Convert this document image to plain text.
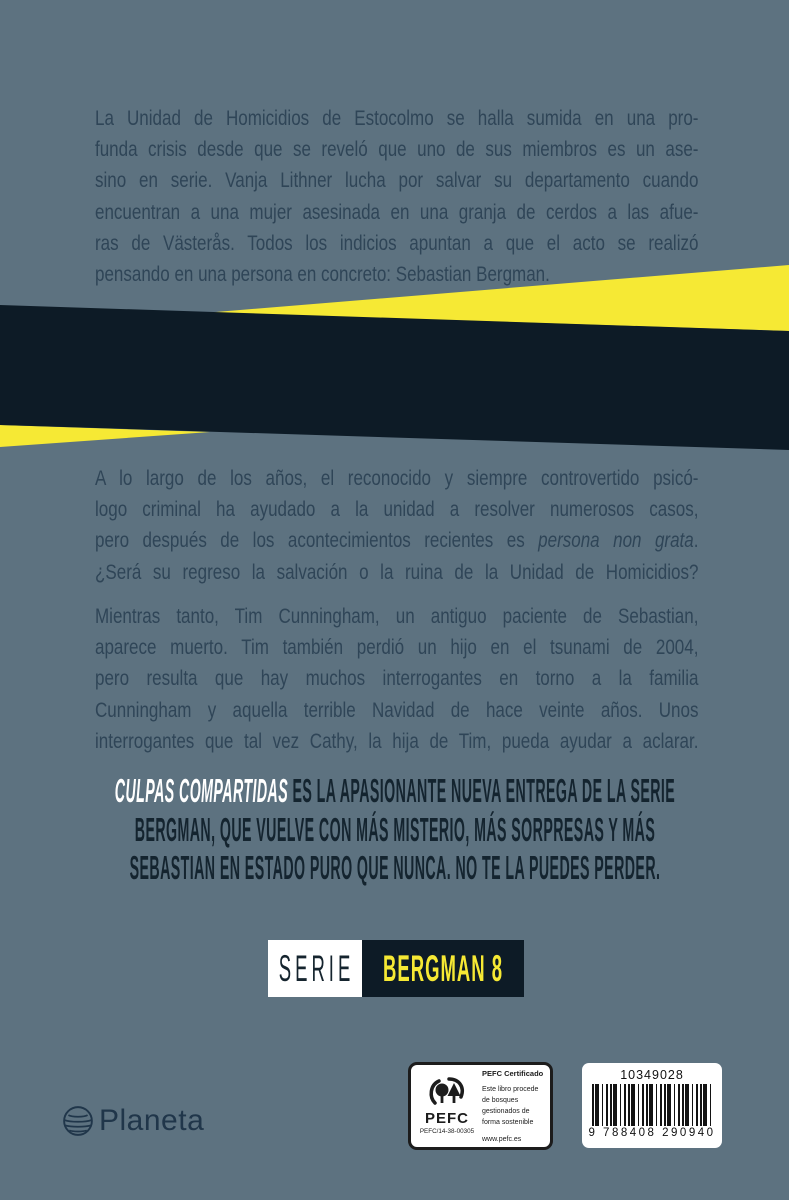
La Unidad de Homicidios de Estocolmo se halla sumida en una pro-
funda crisis desde que se reveló que uno de sus miembros es un ase-
sino en serie. Vanja Lithner lucha por salvar su departamento cuando
encuentran a una mujer asesinada en una granja de cerdos a las afue-
ras de Västerås. Todos los indicios apuntan a que el acto se realizó
pensando en una persona en concreto: Sebastian Bergman.
A lo largo de los años, el reconocido y siempre controvertido psicó-
logo criminal ha ayudado a la unidad a resolver numerosos casos,
pero después de los acontecimientos recientes es persona non grata.
¿Será su regreso la salvación o la ruina de la Unidad de Homicidios?
Mientras tanto, Tim Cunningham, un antiguo paciente de Sebastian,
aparece muerto. Tim también perdió un hijo en el tsunami de 2004,
pero resulta que hay muchos interrogantes en torno a la familia
Cunningham y aquella terrible Navidad de hace veinte años. Unos
interrogantes que tal vez Cathy, la hija de Tim, pueda ayudar a aclarar.
CULPAS COMPARTIDAS ES LA APASIONANTE NUEVA ENTREGA DE LA SERIE
BERGMAN, QUE VUELVE CON MÁS MISTERIO, MÁS SORPRESAS Y MÁS
SEBASTIAN EN ESTADO PURO QUE NUNCA. NO TE LA PUEDES PERDER.
SERIE BERGMAN 8
Planeta	PEFC
PEFC/14-38-00305
PEFC Certificado
Este libro procede de bosques gestionados de forma sostenible
www.pefc.es
10349028
9 788408 290940
